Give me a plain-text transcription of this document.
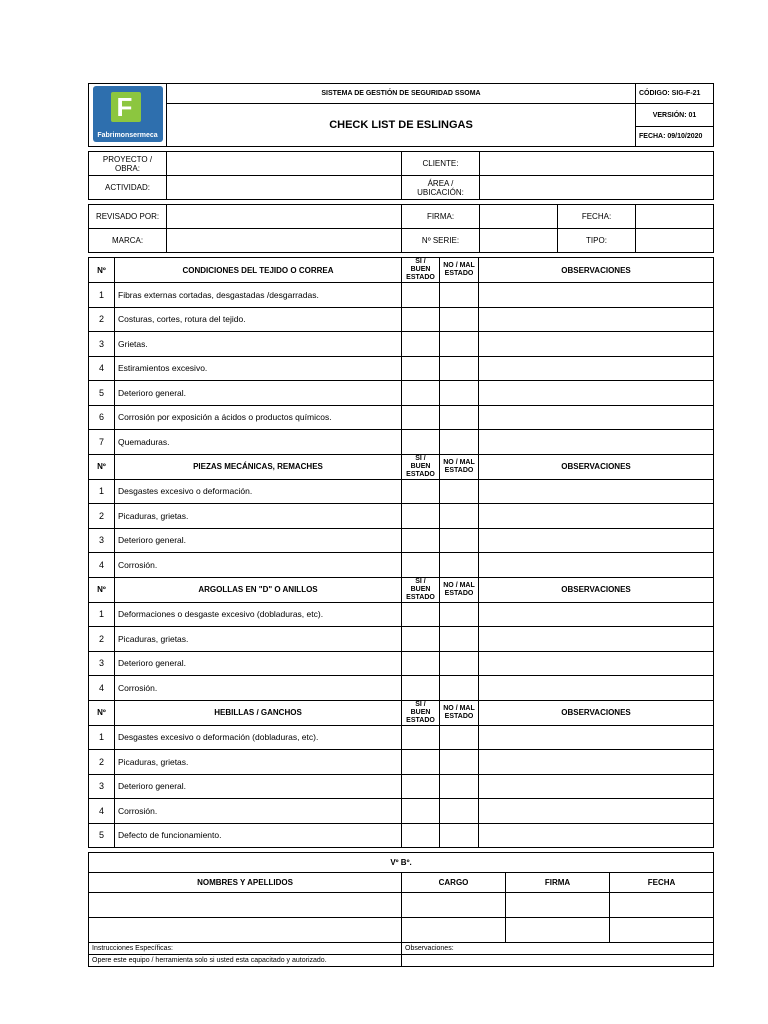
F
Fabrimonsermeca	SISTEMA DE GESTIÓN DE SEGURIDAD SSOMA	CÓDIGO: SIG-F-21
	CHECK LIST DE ESLINGAS	VERSIÓN: 01
		FECHA: 09/10/2020
PROYECTO / OBRA:		CLIENTE:	
ACTIVIDAD:		ÁREA / UBICACIÓN:	
REVISADO POR:		FIRMA:		FECHA:	
MARCA:		Nº SERIE:		TIPO:	
Nº	CONDICIONES DEL TEJIDO O CORREA	SI / BUEN ESTADO	NO / MAL ESTADO	OBSERVACIONES
1	Fibras externas cortadas, desgastadas /desgarradas.			
2	Costuras, cortes, rotura del tejido.			
3	Grietas.			
4	Estiramientos excesivo.			
5	Deterioro general.			
6	Corrosión por exposición a ácidos o productos químicos.			
7	Quemaduras.			
Nº	PIEZAS MECÁNICAS, REMACHES	SI / BUEN ESTADO	NO / MAL ESTADO	OBSERVACIONES
1	Desgastes excesivo o deformación.			
2	Picaduras, grietas.			
3	Deterioro general.			
4	Corrosión.			
Nº	ARGOLLAS EN "D" O ANILLOS	SI / BUEN ESTADO	NO / MAL ESTADO	OBSERVACIONES
1	Deformaciones o desgaste excesivo (dobladuras, etc).			
2	Picaduras, grietas.			
3	Deterioro general.			
4	Corrosión.			
Nº	HEBILLAS / GANCHOS	SI / BUEN ESTADO	NO / MAL ESTADO	OBSERVACIONES
1	Desgastes excesivo o deformación (dobladuras, etc).			
2	Picaduras, grietas.			
3	Deterioro general.			
4	Corrosión.			
5	Defecto de funcionamiento.			
Vº Bº.			
NOMBRES Y APELLIDOS	CARGO	FIRMA	FECHA

Instrucciones Específicas:	Observaciones:
Opere este equipo / herramienta solo si usted esta capacitado y autorizado.	
